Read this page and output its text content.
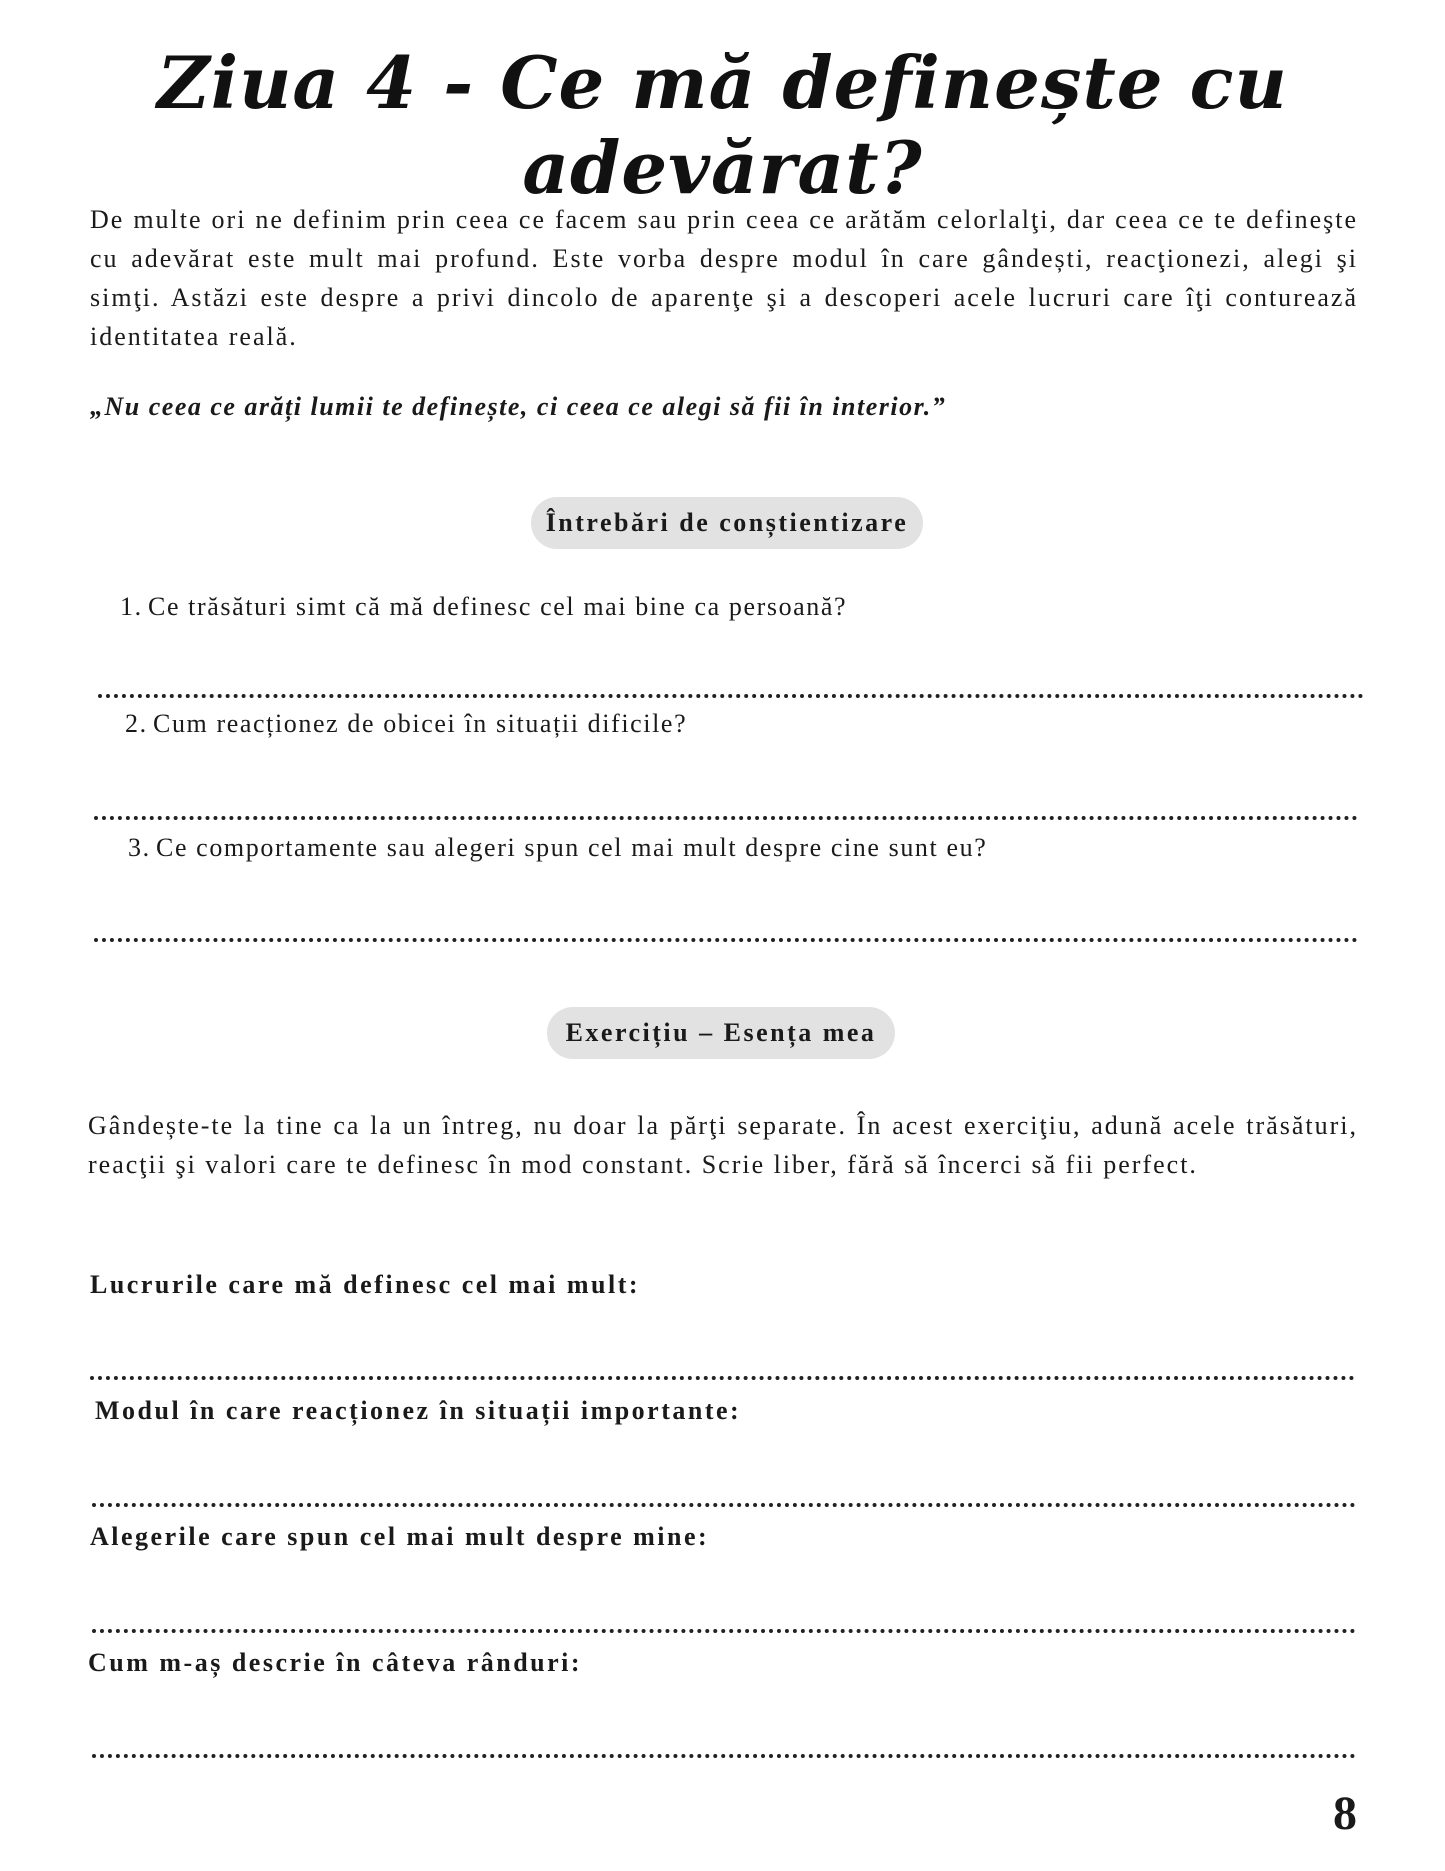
Ziua 4 - Ce mă definește cu adevărat?

De multe ori ne definim prin ceea ce facem sau prin ceea ce arătăm celorlalţi, dar ceea ce te defineşte cu adevărat este mult mai profund. Este vorba despre modul în care gândești, reacţionezi, alegi şi simţi. Astăzi este despre a privi dincolo de aparenţe şi a descoperi acele lucruri care îţi conturează identitatea reală.

„Nu ceea ce arăți lumii te definește, ci ceea ce alegi să fii în interior.”

Întrebări de conștientizare

1. Ce trăsături simt că mă definesc cel mai bine ca persoană?

2. Cum reacționez de obicei în situații dificile?

3. Ce comportamente sau alegeri spun cel mai mult despre cine sunt eu?

Exercițiu – Esența mea

Gândește-te la tine ca la un întreg, nu doar la părţi separate. În acest exerciţiu, adună acele trăsături, reacţii şi valori care te definesc în mod constant. Scrie liber, fără să încerci să fii perfect.

Lucrurile care mă definesc cel mai mult:

Modul în care reacționez în situații importante:

Alegerile care spun cel mai mult despre mine:

Cum m-aș descrie în câteva rânduri:

8
